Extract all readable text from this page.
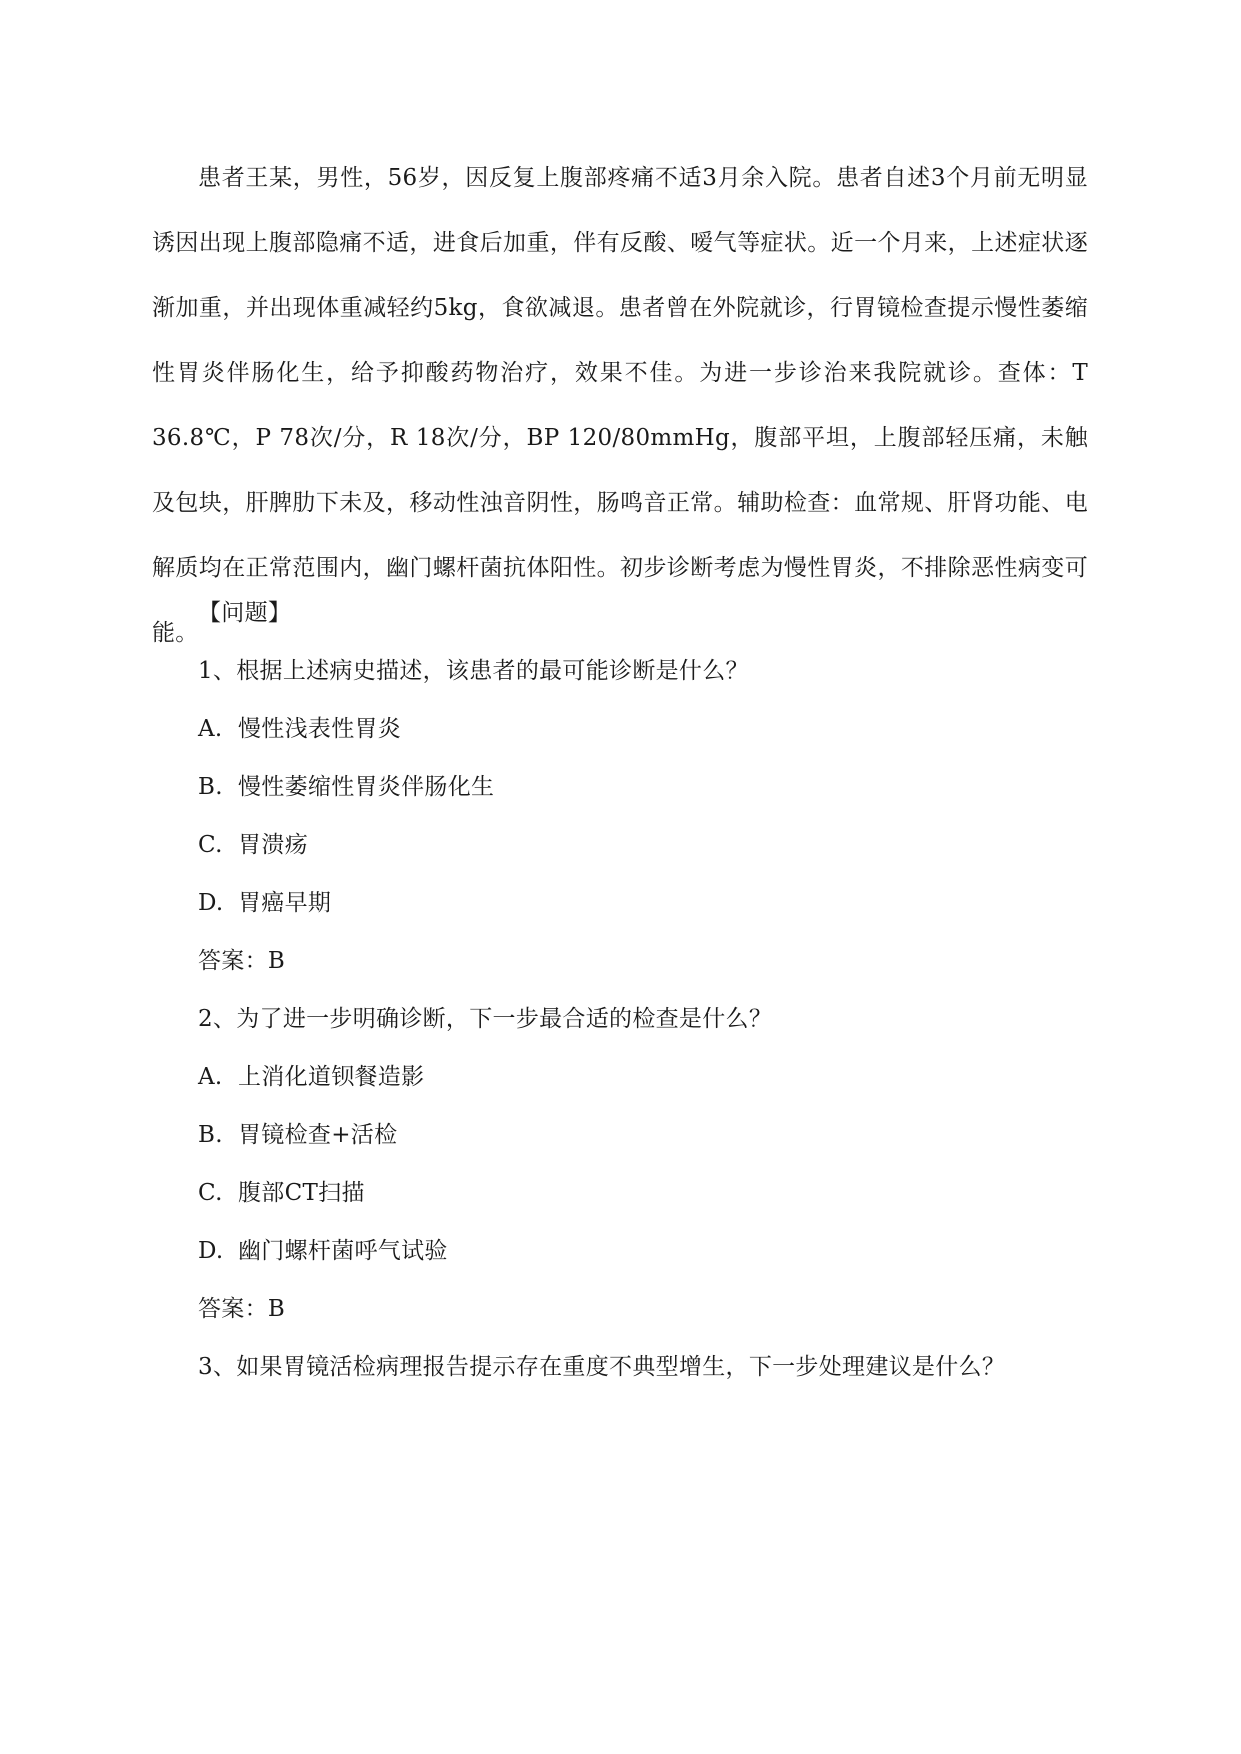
患者王某，男性，56岁，因反复上腹部疼痛不适3月余入院。患者自述3个月前无明显诱因出现上腹部隐痛不适，进食后加重，伴有反酸、嗳气等症状。近一个月来，上述症状逐渐加重，并出现体重减轻约5kg，食欲减退。患者曾在外院就诊，行胃镜检查提示慢性萎缩性胃炎伴肠化生，给予抑酸药物治疗，效果不佳。为进一步诊治来我院就诊。查体：T 36.8℃，P 78次/分，R 18次/分，BP 120/80mmHg，腹部平坦，上腹部轻压痛，未触及包块，肝脾肋下未及，移动性浊音阴性，肠鸣音正常。辅助检查：血常规、肝肾功能、电解质均在正常范围内，幽门螺杆菌抗体阳性。初步诊断考虑为慢性胃炎，不排除恶性病变可能。

【问题】

1、根据上述病史描述，该患者的最可能诊断是什么？

A. 慢性浅表性胃炎

B. 慢性萎缩性胃炎伴肠化生

C. 胃溃疡

D. 胃癌早期

答案：B

2、为了进一步明确诊断，下一步最合适的检查是什么？

A. 上消化道钡餐造影

B. 胃镜检查+活检

C. 腹部CT扫描

D. 幽门螺杆菌呼气试验

答案：B

3、如果胃镜活检病理报告提示存在重度不典型增生，下一步处理建议是什么？
